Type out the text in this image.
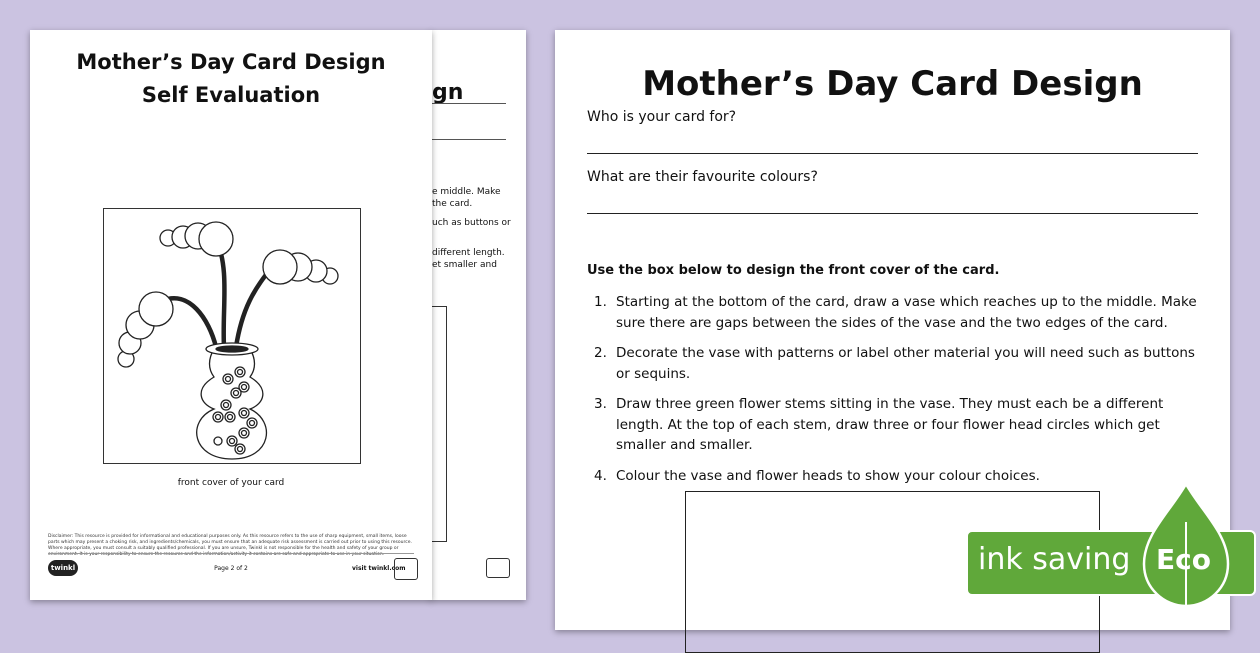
gn
e middle. Make
the card.
uch as buttons or
different length.
et smaller and
Mother’s Day Card Design
Self Evaluation
front cover of your card
Disclaimer: This resource is provided for informational and educational purposes only. As this resource refers to the use of sharp equipment, small items, loose parts which may present a choking risk, and ingredients/chemicals, you must ensure that an adequate risk assessment is carried out prior to using this resource. Where appropriate, you must consult a suitably qualified professional. If you are unsure, Twinkl is not responsible for the health and safety of your group or environment. It is your responsibility to ensure the resource and the information/activity it contains are safe and appropriate to use in your situation.
twinkl	Page 2 of 2	visit twinkl.com
Mother’s Day Card Design
Who is your card for?
What are their favourite colours?
Use the box below to design the front cover of the card.
1. Starting at the bottom of the card, draw a vase which reaches up to the middle. Make sure there are gaps between the sides of the vase and the two edges of the card.
2. Decorate the vase with patterns or label other material you will need such as buttons or sequins.
3. Draw three green flower stems sitting in the vase. They must each be a different length. At the top of each stem, draw three or four flower head circles which get smaller and smaller.
4. Colour the vase and flower heads to show your colour choices.
ink saving Eco
